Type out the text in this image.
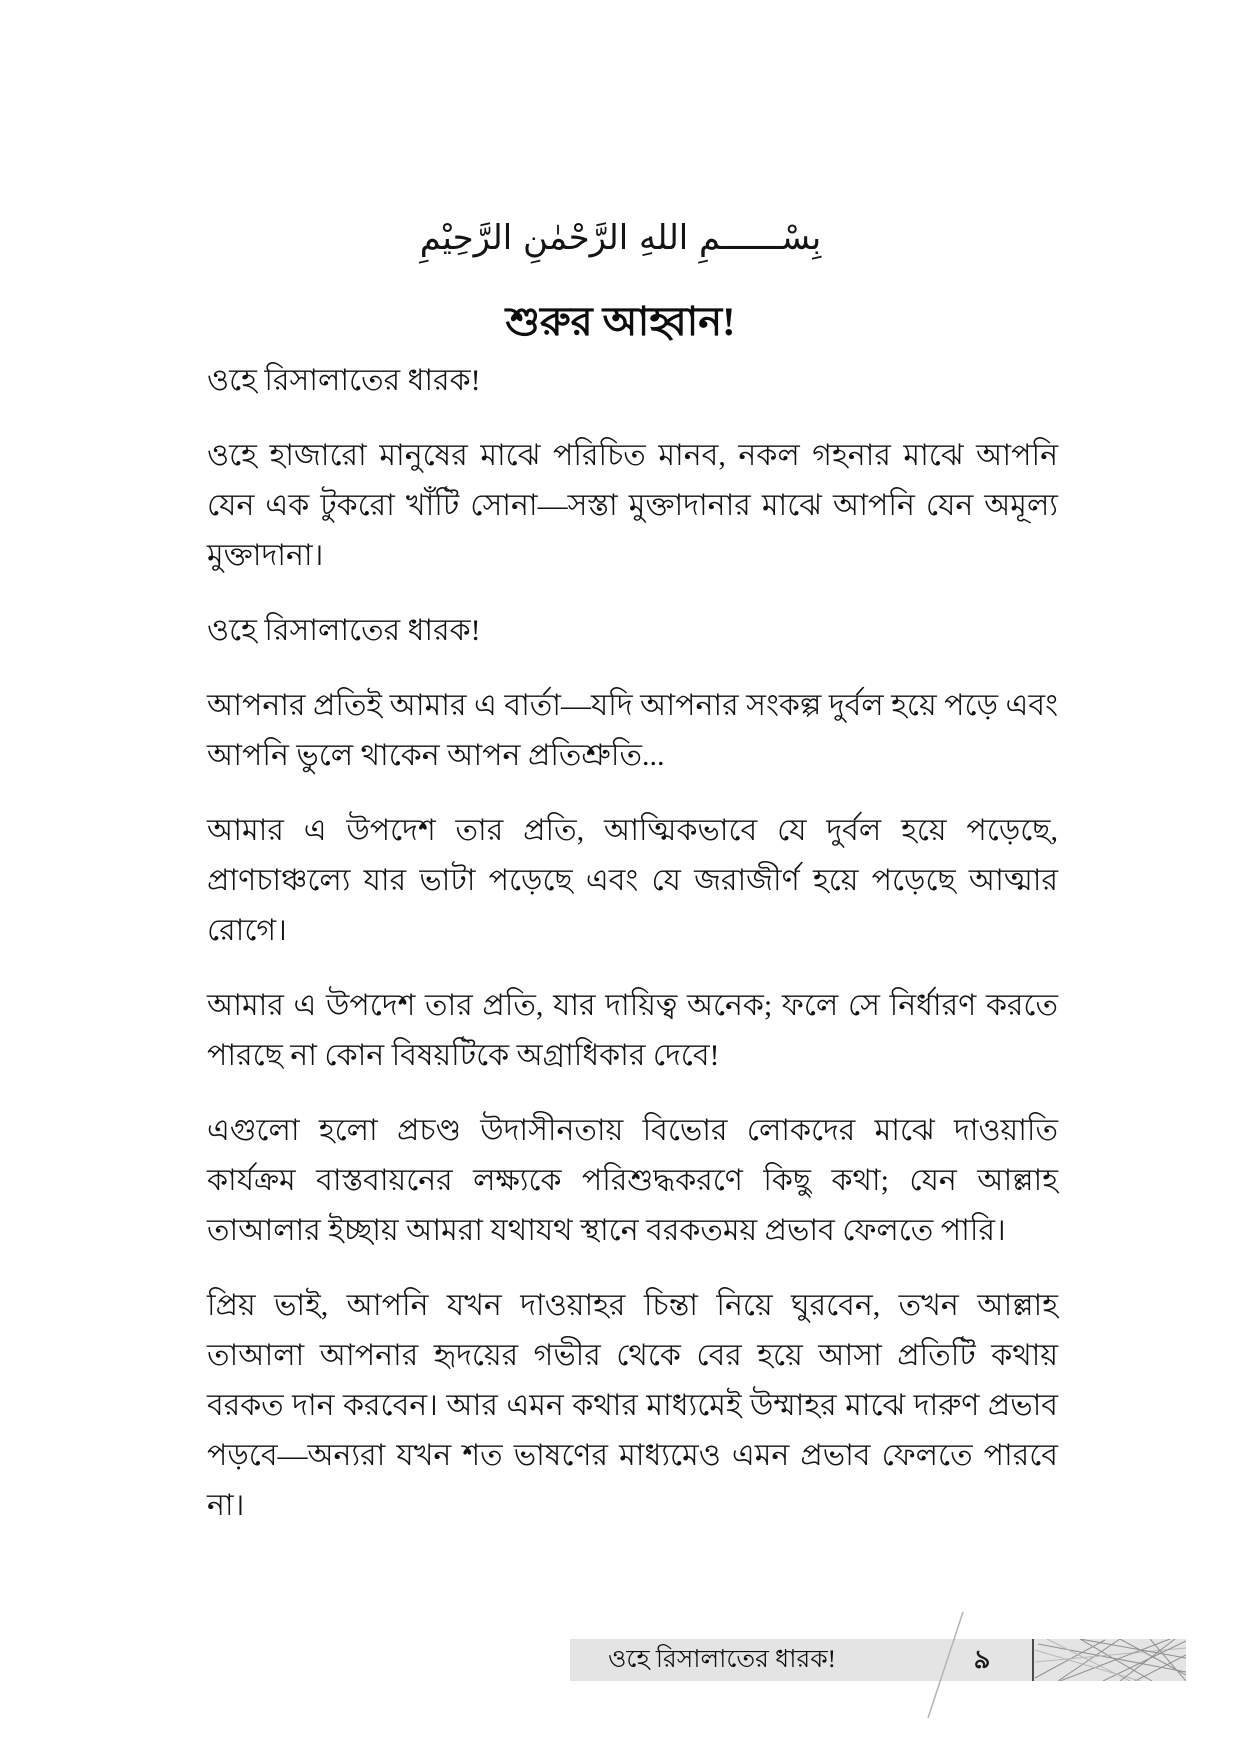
بِسْــــــمِ اللهِ الرَّحْمٰنِ الرَّحِيْمِ
শুরুর আহ্বান!

ওহে রিসালাতের ধারক!

ওহে হাজারো মানুষের মাঝে পরিচিত মানব, নকল গহনার মাঝে আপনি যেন এক টুকরো খাঁটি সোনা—সস্তা মুক্তাদানার মাঝে আপনি যেন অমূল্য মুক্তাদানা।

ওহে রিসালাতের ধারক!

আপনার প্রতিই আমার এ বার্তা—যদি আপনার সংকল্প দুর্বল হয়ে পড়ে এবং আপনি ভুলে থাকেন আপন প্রতিশ্রুতি...

আমার এ উপদেশ তার প্রতি, আত্মিকভাবে যে দুর্বল হয়ে পড়েছে, প্রাণচাঞ্চল্যে যার ভাটা পড়েছে এবং যে জরাজীর্ণ হয়ে পড়েছে আত্মার রোগে।

আমার এ উপদেশ তার প্রতি, যার দায়িত্ব অনেক; ফলে সে নির্ধারণ করতে পারছে না কোন বিষয়টিকে অগ্রাধিকার দেবে!

এগুলো হলো প্রচণ্ড উদাসীনতায় বিভোর লোকদের মাঝে দাওয়াতি কার্যক্রম বাস্তবায়নের লক্ষ্যকে পরিশুদ্ধকরণে কিছু কথা; যেন আল্লাহ তাআলার ইচ্ছায় আমরা যথাযথ স্থানে বরকতময় প্রভাব ফেলতে পারি।

প্রিয় ভাই, আপনি যখন দাওয়াহর চিন্তা নিয়ে ঘুরবেন, তখন আল্লাহ তাআলা আপনার হৃদয়ের গভীর থেকে বের হয়ে আসা প্রতিটি কথায় বরকত দান করবেন। আর এমন কথার মাধ্যমেই উম্মাহর মাঝে দারুণ প্রভাব পড়বে—অন্যরা যখন শত ভাষণের মাধ্যমেও এমন প্রভাব ফেলতে পারবে না।

ওহে রিসালাতের ধারক!	৯
